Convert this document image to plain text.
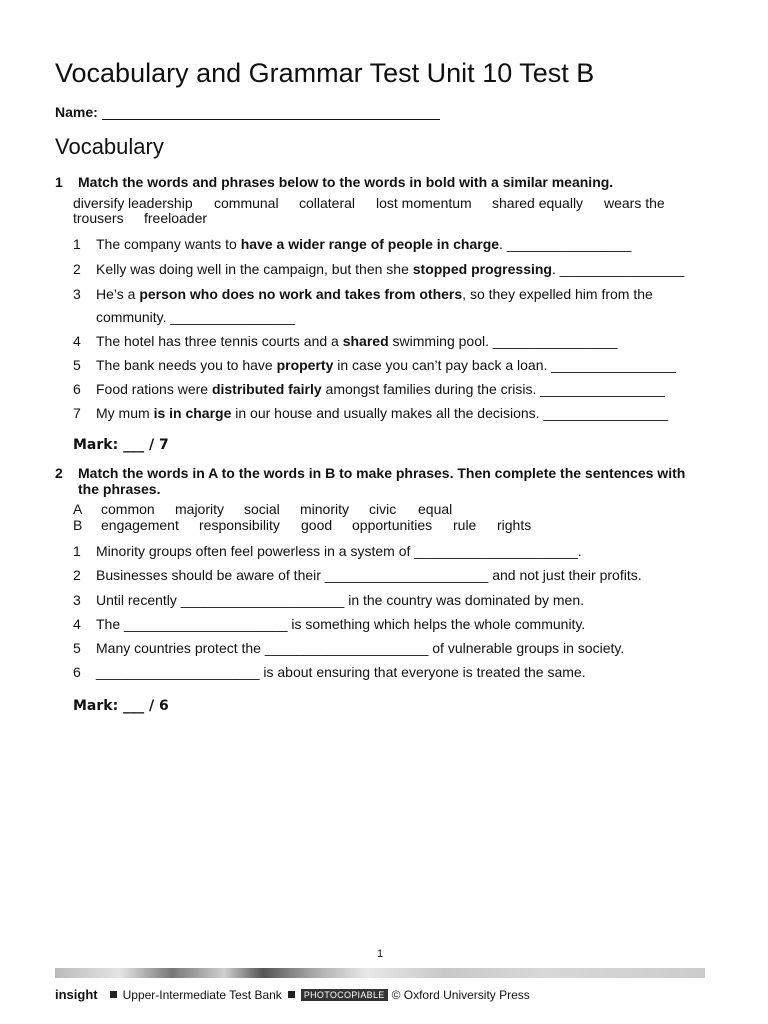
Vocabulary and Grammar Test Unit 10 Test B
Name:
Vocabulary
1 Match the words and phrases below to the words in bold with a similar meaning.
diversify leadership communal collateral lost momentum shared equally wears the
trousers freeloader
1 The company wants to have a wider range of people in charge. ________________
2 Kelly was doing well in the campaign, but then she stopped progressing. ________________
3 He’s a person who does no work and takes from others, so they expelled him from the
community. ________________
4 The hotel has three tennis courts and a shared swimming pool. ________________
5 The bank needs you to have property in case you can’t pay back a loan. ________________
6 Food rations were distributed fairly amongst families during the crisis. ________________
7 My mum is in charge in our house and usually makes all the decisions. ________________
Mark: ___ / 7
2 Match the words in A to the words in B to make phrases. Then complete the sentences with
the phrases.
A common majority social minority civic equal
B engagement responsibility good opportunities rule rights
1 Minority groups often feel powerless in a system of _____________________.
2 Businesses should be aware of their _____________________ and not just their profits.
3 Until recently _____________________ in the country was dominated by men.
4 The _____________________ is something which helps the whole community.
5 Many countries protect the _____________________ of vulnerable groups in society.
6 _____________________ is about ensuring that everyone is treated the same.
Mark: ___ / 6
1
insight Upper-Intermediate Test Bank	PHOTOCOPIABLE © Oxford University Press
